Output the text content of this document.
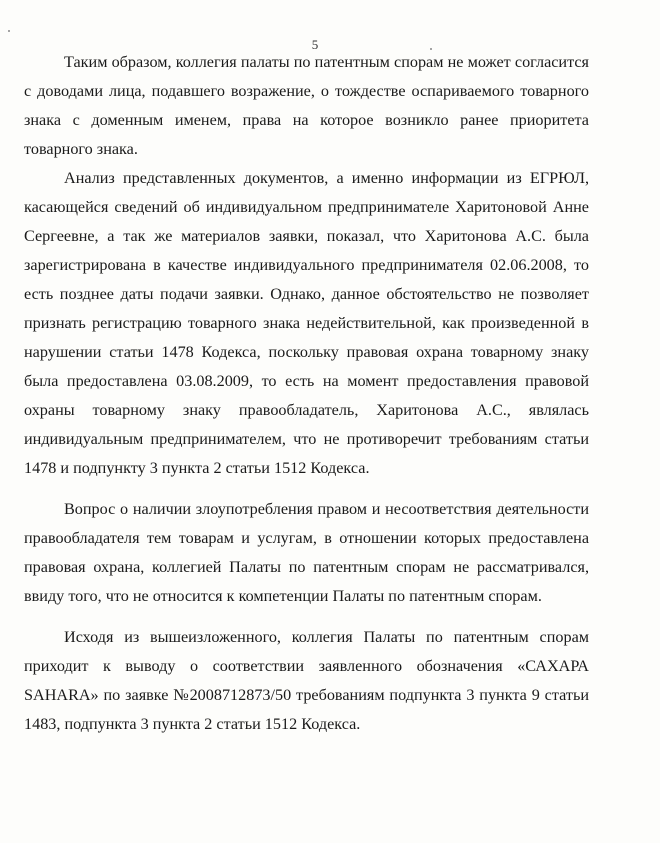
5

Таким образом, коллегия палаты по патентным спорам не может согласится с доводами лица, подавшего возражение, о тождестве оспариваемого товарного знака с доменным именем, права на которое возникло ранее приоритета товарного знака.

Анализ представленных документов, а именно информации из ЕГРЮЛ, касающейся сведений об индивидуальном предпринимателе Харитоновой Анне Сергеевне, а так же материалов заявки, показал, что Харитонова А.С. была зарегистрирована в качестве индивидуального предпринимателя 02.06.2008, то есть позднее даты подачи заявки. Однако, данное обстоятельство не позволяет признать регистрацию товарного знака недействительной, как произведенной в нарушении статьи 1478 Кодекса, поскольку правовая охрана товарному знаку была предоставлена 03.08.2009, то есть на момент предоставления правовой охраны товарному знаку правообладатель, Харитонова А.С., являлась индивидуальным предпринимателем, что не противоречит требованиям статьи 1478 и подпункту 3 пункта 2 статьи 1512 Кодекса.

Вопрос о наличии злоупотребления правом и несоответствия деятельности правообладателя тем товарам и услугам, в отношении которых предоставлена правовая охрана, коллегией Палаты по патентным спорам не рассматривался, ввиду того, что не относится к компетенции Палаты по патентным спорам.

Исходя из вышеизложенного, коллегия Палаты по патентным спорам приходит к выводу о соответствии заявленного обозначения «САХАРА SAHARA» по заявке №2008712873/50 требованиям подпункта 3 пункта 9 статьи 1483, подпункта 3 пункта 2 статьи 1512 Кодекса.
